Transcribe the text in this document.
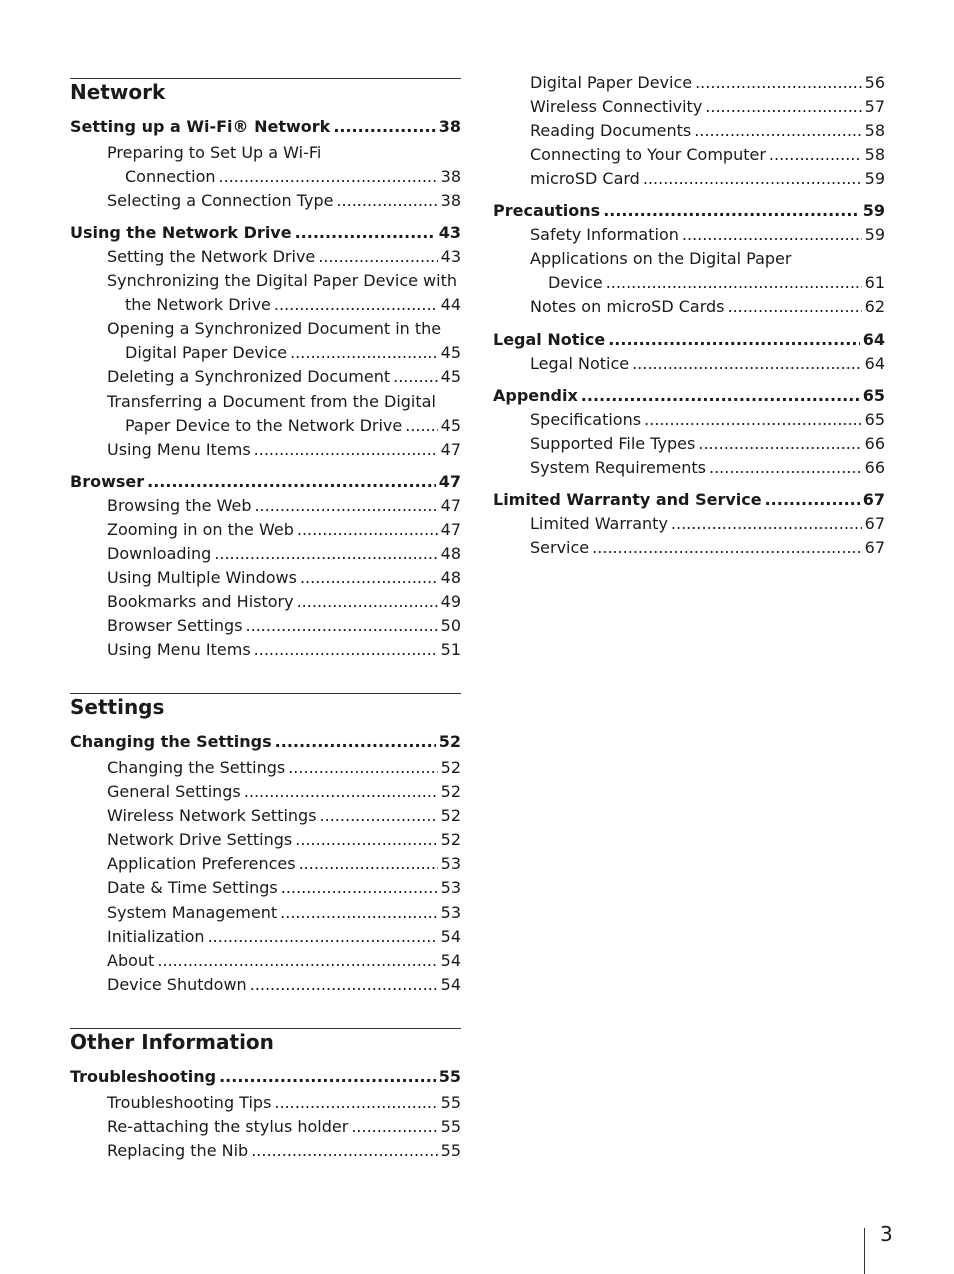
Network
Setting up a Wi-Fi® Network .....	38
Preparing to Set Up a Wi-Fi
Connection .....	38
Selecting a Connection Type .....	38
Using the Network Drive .....	43
Setting the Network Drive .....	43
Synchronizing the Digital Paper Device with
the Network Drive .....	44
Opening a Synchronized Document in the
Digital Paper Device .....	45
Deleting a Synchronized Document .....	45
Transferring a Document from the Digital
Paper Device to the Network Drive ..... 45
Using Menu Items .....	47
Browser .....	47
Browsing the Web .....	47
Zooming in on the Web .....	47
Downloading .....	48
Using Multiple Windows .....	48
Bookmarks and History .....	49
Browser Settings .....	50
Using Menu Items .....	51
Settings
Changing the Settings .....	52
Changing the Settings .....	52
General Settings .....	52
Wireless Network Settings .....	52
Network Drive Settings .....	52
Application Preferences .....	53
Date & Time Settings .....	53
System Management .....	53
Initialization .....	54
About .....	54
Device Shutdown .....	54
Other Information
Troubleshooting .....	55
Troubleshooting Tips .....	55
Re-attaching the stylus holder .....	55
Replacing the Nib .....	55
Digital Paper Device .....	56
Wireless Connectivity .....	57
Reading Documents .....	58
Connecting to Your Computer .....	58
microSD Card .....	59
Precautions .....	59
Safety Information .....	59
Applications on the Digital Paper
Device .....	61
Notes on microSD Cards .....	62
Legal Notice .....	64
Legal Notice .....	64
Appendix .....	65
Specifications .....	65
Supported File Types .....	66
System Requirements .....	66
Limited Warranty and Service .....	67
Limited Warranty .....	67
Service .....	67
3
